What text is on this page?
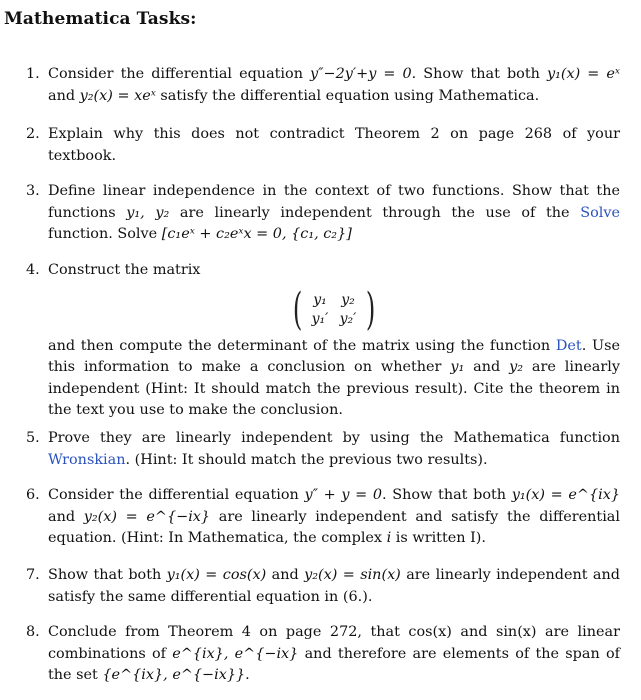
Mathematica Tasks:
1. Consider the differential equation y″−2y′+y = 0. Show that both y₁(x) = eˣ and y₂(x) = xeˣ satisfy the differential equation using Mathematica.
2. Explain why this does not contradict Theorem 2 on page 268 of your textbook.
3. Define linear independence in the context of two functions. Show that the functions y₁, y₂ are linearly independent through the use of the Solve function. Solve [c₁eˣ + c₂eˣx = 0, {c₁, c₂}]
4. Construct the matrix
( y₁	y₂
y₁′ y₂′ )
and then compute the determinant of the matrix using the function Det. Use this information to make a conclusion on whether y₁ and y₂ are linearly independent (Hint: It should match the previous result). Cite the theorem in the text you use to make the conclusion.
5. Prove they are linearly independent by using the Mathematica function Wronskian. (Hint: It should match the previous two results).
6. Consider the differential equation y″ + y = 0. Show that both y₁(x) = e^{ix} and y₂(x) = e^{−ix} are linearly independent and satisfy the differential equation. (Hint: In Mathematica, the complex i is written I).
7. Show that both y₁(x) = cos(x) and y₂(x) = sin(x) are linearly independent and satisfy the same differential equation in (6.).
8. Conclude from Theorem 4 on page 272, that cos(x) and sin(x) are linear combinations of e^{ix}, e^{−ix} and therefore are elements of the span of the set {e^{ix}, e^{−ix}}.
